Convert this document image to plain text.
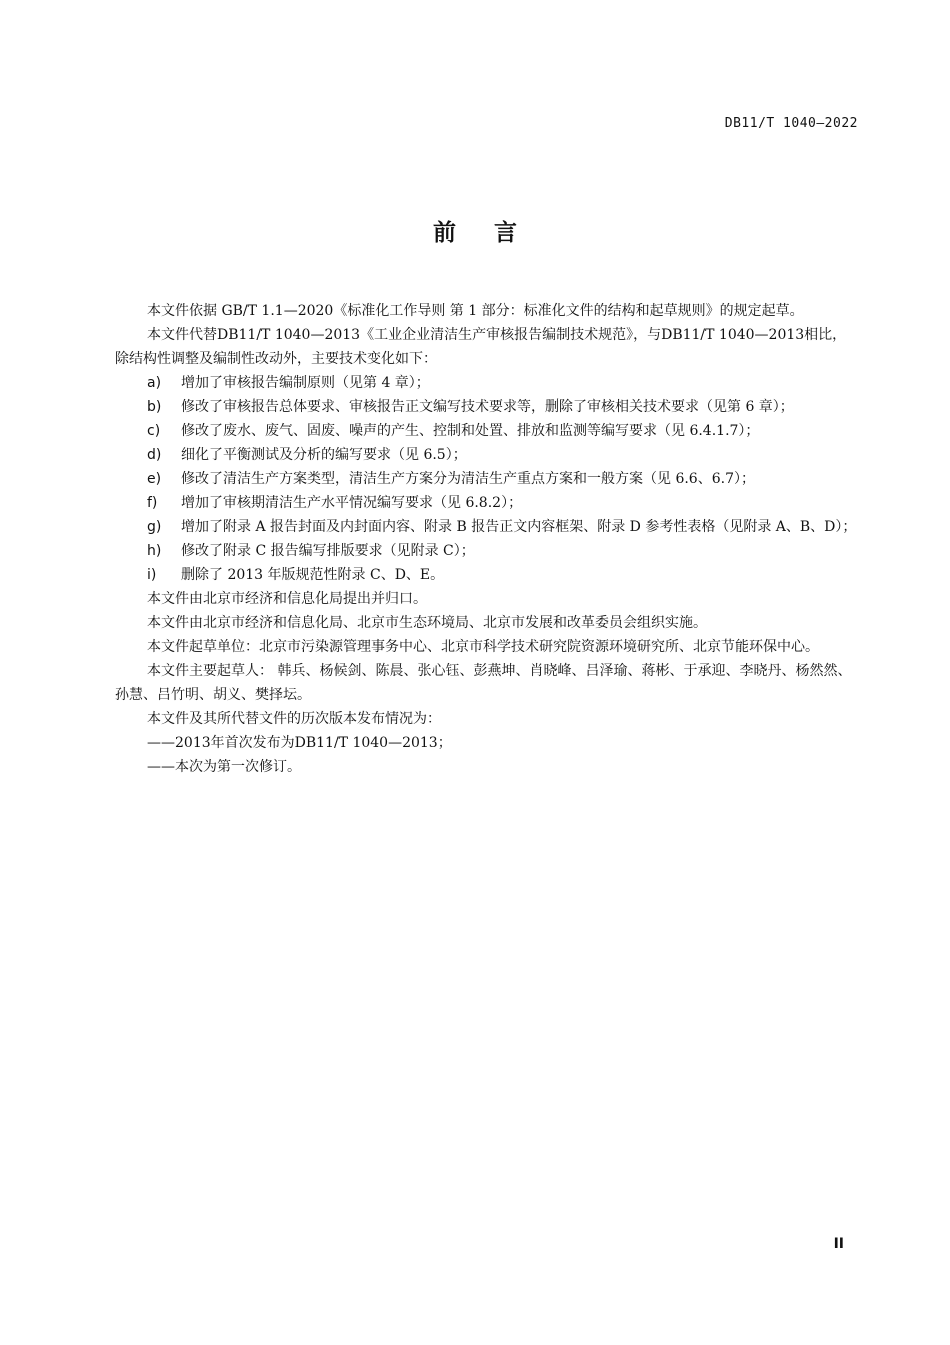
DB11/T 1040—2022
前言

本文件依据 GB/T 1.1—2020《标准化工作导则 第 1 部分：标准化文件的结构和起草规则》的规定起草。

本文件代替DB11/T 1040—2013《工业企业清洁生产审核报告编制技术规范》，与DB11/T 1040—2013相比，除结构性调整及编制性改动外，主要技术变化如下：

a)	增加了审核报告编制原则（见第 4 章）；
b)	修改了审核报告总体要求、审核报告正文编写技术要求等，删除了审核相关技术要求（见第 6 章）；
c)	修改了废水、废气、固废、噪声的产生、控制和处置、排放和监测等编写要求（见 6.4.1.7）；
d)	细化了平衡测试及分析的编写要求（见 6.5）；
e)	修改了清洁生产方案类型，清洁生产方案分为清洁生产重点方案和一般方案（见 6.6、6.7）；
f)	增加了审核期清洁生产水平情况编写要求（见 6.8.2）；
g)	增加了附录 A 报告封面及内封面内容、附录 B 报告正文内容框架、附录 D 参考性表格（见附录 A、B、D）；
h)	修改了附录 C 报告编写排版要求（见附录 C）；
i)	删除了 2013 年版规范性附录 C、D、E。

本文件由北京市经济和信息化局提出并归口。

本文件由北京市经济和信息化局、北京市生态环境局、北京市发展和改革委员会组织实施。

本文件起草单位：北京市污染源管理事务中心、北京市科学技术研究院资源环境研究所、北京节能环保中心。

本文件主要起草人： 韩兵、杨候剑、陈晨、张心钰、彭燕坤、肖晓峰、吕泽瑜、蒋彬、于承迎、李晓丹、杨然然、孙慧、吕竹明、胡义、樊择坛。

本文件及其所代替文件的历次版本发布情况为：

——2013年首次发布为DB11/T 1040—2013；

——本次为第一次修订。

II
